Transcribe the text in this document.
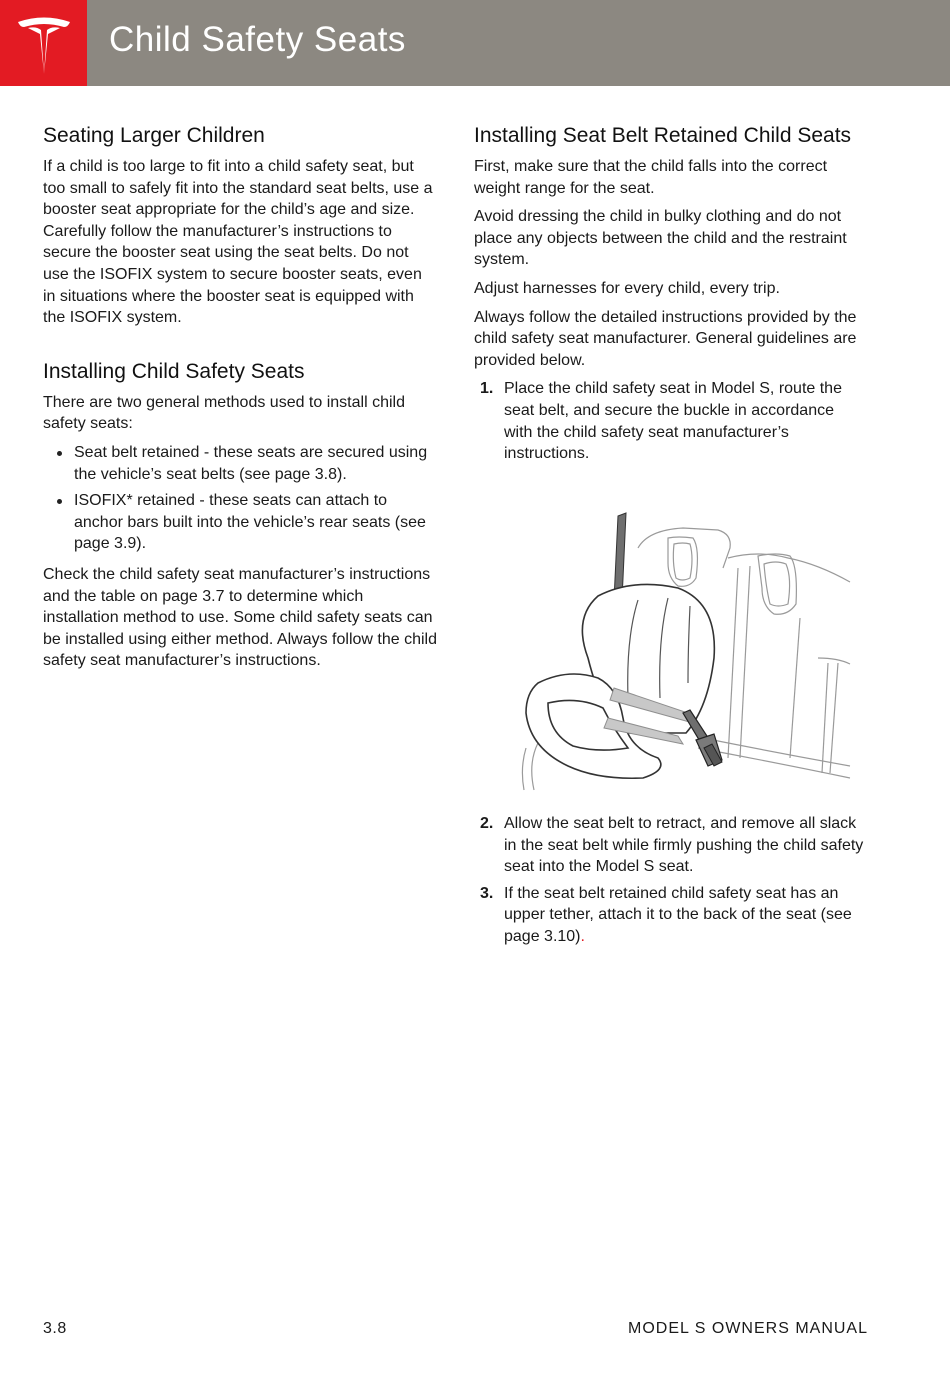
Child Safety Seats
Seating Larger Children

If a child is too large to fit into a child safety seat, but too small to safely fit into the standard seat belts, use a booster seat appropriate for the child’s age and size. Carefully follow the manufacturer’s instructions to secure the booster seat using the seat belts. Do not use the ISOFIX system to secure booster seats, even in situations where the booster seat is equipped with the ISOFIX system.

Installing Child Safety Seats

There are two general methods used to install child safety seats:

Seat belt retained - these seats are secured using the vehicle’s seat belts (see page 3.8).
ISOFIX* retained - these seats can attach to anchor bars built into the vehicle’s rear seats (see page 3.9).

Check the child safety seat manufacturer’s instructions and the table on page 3.7 to determine which installation method to use. Some child safety seats can be installed using either method. Always follow the child safety seat manufacturer’s instructions.

Installing Seat Belt Retained Child Seats

First, make sure that the child falls into the correct weight range for the seat.

Avoid dressing the child in bulky clothing and do not place any objects between the child and the restraint system.

Adjust harnesses for every child, every trip.

Always follow the detailed instructions provided by the child safety seat manufacturer. General guidelines are provided below.

1. Place the child safety seat in Model S, route the seat belt, and secure the buckle in accordance with the child safety seat manufacturer’s instructions.
2. Allow the seat belt to retract, and remove all slack in the seat belt while firmly pushing the child safety seat into the Model S seat.
3. If the seat belt retained child safety seat has an upper tether, attach it to the back of the seat (see page 3.10).
3.8	MODEL S OWNERS MANUAL
